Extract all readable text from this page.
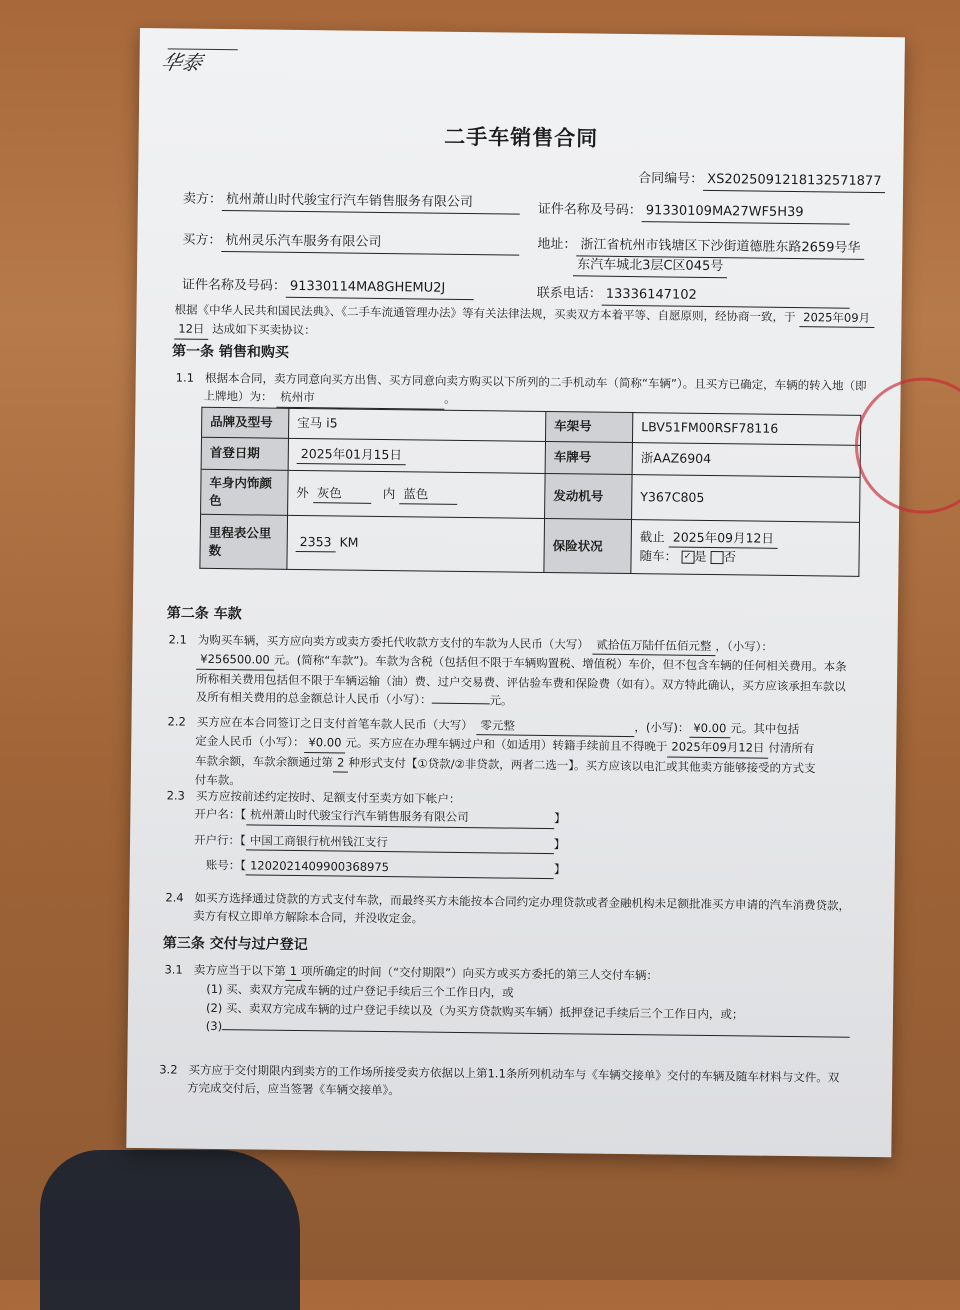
华泰
二手车销售合同
合同编号： XS2025091218132571877
卖方： 杭州萧山时代骏宝行汽车销售服务有限公司	证件名称及号码： 91330109MA27WF5H39
买方： 杭州灵乐汽车服务有限公司	地址： 浙江省杭州市钱塘区下沙街道德胜东路2659号华
东汽车城北3层C区045号
证件名称及号码： 91330114MA8GHEMU2J	联系电话： 13336147102
根据《中华人民共和国民法典》、《二手车流通管理办法》等有关法律法规，买卖双方本着平等、自愿原则，经协商一致，于 2025年09月
12日 达成如下买卖协议：
第一条 销售和购买
1.1 根据本合同，卖方同意向买方出售、买方同意向卖方购买以下所列的二手机动车（简称“车辆”）。且买方已确定，车辆的转入地（即
上牌地）为： 杭州市	。
品牌及型号	宝马 i5	车架号	LBV51FM00RSF78116
首登日期	2025年01月15日	车牌号	浙AAZ6904
车身内饰颜
色	外 灰色 内 蓝色	发动机号	Y367C805
里程表公里
数	2353 KM	保险状况	截止 2025年09月12日
随车： ✓ 是 否
第二条 车款
2.1 为购买车辆，买方应向卖方或卖方委托代收款方支付的车款为人民币（大写） 贰拾伍万陆仟伍佰元整 ，（小写）：
¥256500.00 元。(简称“车款”)。车款为含税（包括但不限于车辆购置税、增值税）车价，但不包含车辆的任何相关费用。本条
所称相关费用包括但不限于车辆运输（油）费、过户交易费、评估验车费和保险费（如有）。双方特此确认，买方应该承担车款以
及所有相关费用的总金额总计人民币（小写）：	元。
2.2 买方应在本合同签订之日支付首笔车款人民币（大写） 零元整	，(小写)： ¥0.00 元。其中包括
定金人民币（小写）： ¥0.00 元。买方应在办理车辆过户和（如适用）转籍手续前且不得晚于 2025年09月12日 付清所有
车款余额，车款余额通过第 2 种形式支付【①贷款/②非贷款，两者二选一】。买方应该以电汇或其他卖方能够接受的方式支
付车款。
2.3 买方应按前述约定按时、足额支付至卖方如下帐户：
开户名：【 杭州萧山时代骏宝行汽车销售服务有限公司	】
开户行：【 中国工商银行杭州钱江支行	】
账号：【 1202021409900368975	】
2.4 如买方选择通过贷款的方式支付车款，而最终买方未能按本合同约定办理贷款或者金融机构未足额批准买方申请的汽车消费贷款，
卖方有权立即单方解除本合同，并没收定金。
第三条 交付与过户登记
3.1 卖方应当于以下第 1 项所确定的时间（“交付期限”）向买方或买方委托的第三人交付车辆：
(1) 买、卖双方完成车辆的过户登记手续后三个工作日内，或
(2) 买、卖双方完成车辆的过户登记手续以及（为买方贷款购买车辆）抵押登记手续后三个工作日内，或；
(3)
3.2 买方应于交付期限内到卖方的工作场所接受卖方依据以上第1.1条所列机动车与《车辆交接单》交付的车辆及随车材料与文件。双
方完成交付后，应当签署《车辆交接单》。
